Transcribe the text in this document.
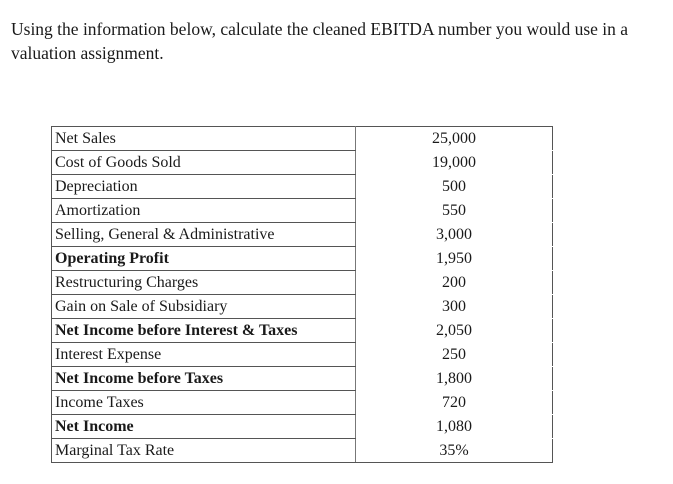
Using the information below, calculate the cleaned EBITDA number you would use in a valuation assignment.

Net Sales	25,000
Cost of Goods Sold	19,000
Depreciation	500
Amortization	550
Selling, General & Administrative	3,000
Operating Profit	1,950
Restructuring Charges	200
Gain on Sale of Subsidiary	300
Net Income before Interest & Taxes	2,050
Interest Expense	250
Net Income before Taxes	1,800
Income Taxes	720
Net Income	1,080
Marginal Tax Rate	35%
